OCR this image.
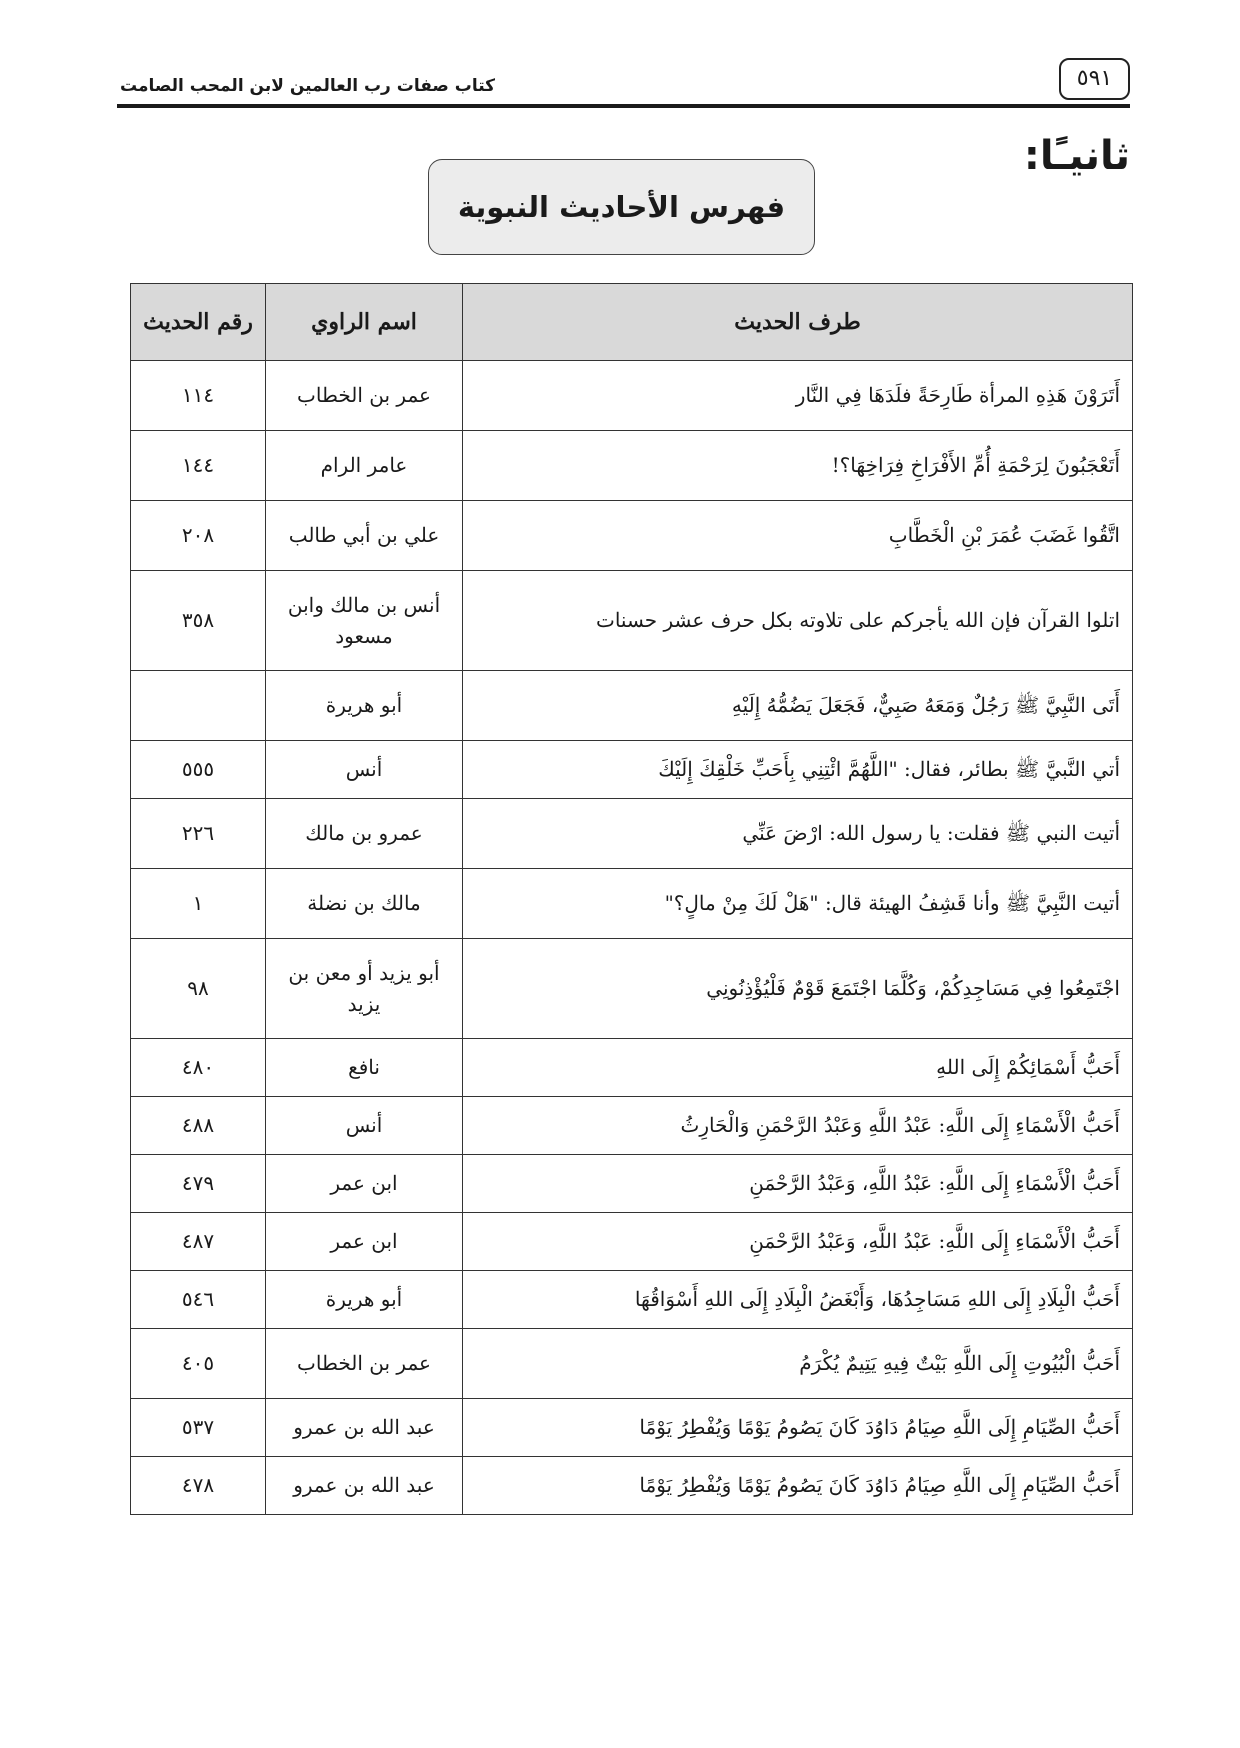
٥٩١
كتاب صفات رب العالمين لابن المحب الصامت
ثانيـًا:
فهرس الأحاديث النبوية
طرف الحديث	اسم الراوي	رقم الحديث
أَتَرَوْنَ هَذِهِ المرأة طَارِحَةً فلَدَهَا فِي النَّار	عمر بن الخطاب	١١٤
أَتَعْجَبُونَ لِرَحْمَةِ أُمِّ الأَفْرَاخِ فِرَاخِهَا؟!	عامر الرام	١٤٤
اتَّقُوا غَضَبَ عُمَرَ بْنِ الْخَطَّابِ	علي بن أبي طالب	٢٠٨
اتلوا القرآن فإن الله يأجركم على تلاوته بكل حرف عشر حسنات	أنس بن مالك وابن مسعود	٣٥٨
أَتَى النَّبِيَّ ﷺ رَجُلٌ وَمَعَهُ صَبِيٌّ، فَجَعَلَ يَضُمُّهُ إِلَيْهِ	أبو هريرة	
أتي النَّبيَّ ﷺ بطائر، فقال: "اللَّهُمَّ ائْتِنِي بِأَحَبِّ خَلْقِكَ إِلَيْكَ	أنس	٥٥٥
أتيت النبي ﷺ فقلت: يا رسول الله: ارْضَ عَنِّي	عمرو بن مالك	٢٢٦
أتيت النَّبِيَّ ﷺ وأنا قَشِفُ الهيئة قال: "هَلْ لَكَ مِنْ مالٍ؟"	مالك بن نضلة	١
اجْتَمِعُوا فِي مَسَاجِدِكُمْ، وَكُلَّمَا اجْتَمَعَ قَوْمٌ فَلْيُؤْذِنُونِي	أبو يزيد أو معن بن يزيد	٩٨
أَحَبُّ أَسْمَائِكُمْ إِلَى اللهِ	نافع	٤٨٠
أَحَبُّ الْأَسْمَاءِ إِلَى اللَّهِ: عَبْدُ اللَّهِ وَعَبْدُ الرَّحْمَنِ وَالْحَارِثُ	أنس	٤٨٨
أَحَبُّ الْأَسْمَاءِ إِلَى اللَّهِ: عَبْدُ اللَّهِ، وَعَبْدُ الرَّحْمَنِ	ابن عمر	٤٧٩
أَحَبُّ الْأَسْمَاءِ إِلَى اللَّهِ: عَبْدُ اللَّهِ، وَعَبْدُ الرَّحْمَنِ	ابن عمر	٤٨٧
أَحَبُّ الْبِلَادِ إِلَى اللهِ مَسَاجِدُهَا، وَأَبْغَضُ الْبِلَادِ إِلَى اللهِ أَسْوَاقُهَا	أبو هريرة	٥٤٦
أَحَبُّ الْبُيُوتِ إِلَى اللَّهِ بَيْتٌ فِيهِ يَتِيمٌ يُكْرَمُ	عمر بن الخطاب	٤٠٥
أَحَبُّ الصِّيَامِ إِلَى اللَّهِ صِيَامُ دَاوُدَ كَانَ يَصُومُ يَوْمًا وَيُفْطِرُ يَوْمًا	عبد الله بن عمرو	٥٣٧
أَحَبُّ الصِّيَامِ إِلَى اللَّهِ صِيَامُ دَاوُدَ كَانَ يَصُومُ يَوْمًا وَيُفْطِرُ يَوْمًا	عبد الله بن عمرو	٤٧٨
